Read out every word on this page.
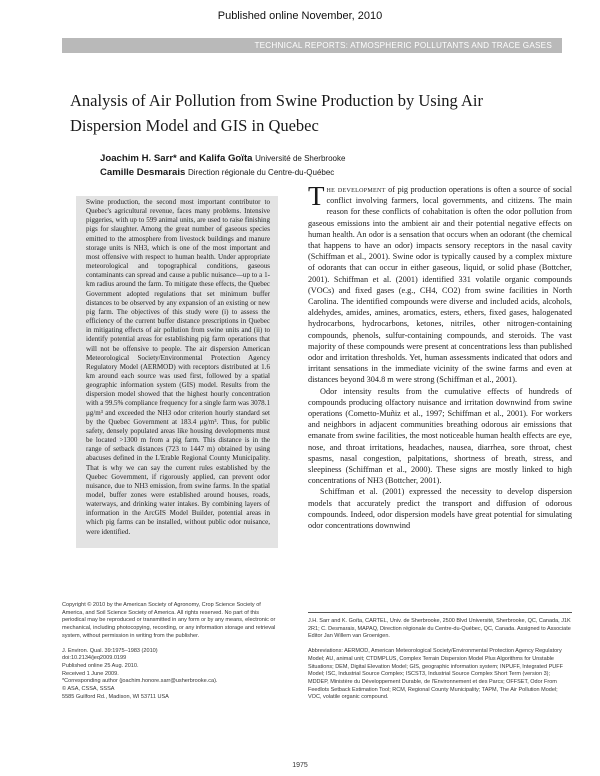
Published online November, 2010
TECHNICAL REPORTS: ATMOSPHERIC POLLUTANTS AND TRACE GASES
Analysis of Air Pollution from Swine Production by Using Air Dispersion Model and GIS in Quebec
Joachim H. Sarr* and Kalifa Goïta Université de Sherbrooke
Camille Desmarais Direction régionale du Centre-du-Québec

Swine production, the second most important contributor to Quebec's agricultural revenue, faces many problems. Intensive piggeries, with up to 599 animal units, are used to raise finishing pigs for slaughter. Among the great number of gaseous species emitted to the atmosphere from livestock buildings and manure storage units is NH3, which is one of the most important and most offensive with respect to human health. Under appropriate meteorological and topographical conditions, gaseous contaminants can spread and cause a public nuisance—up to a 1-km radius around the farm. To mitigate these effects, the Quebec Government adopted regulations that set minimum buffer distances to be observed by any expansion of an existing or new pig farm. The objectives of this study were (i) to assess the efficiency of the current buffer distance prescriptions in Quebec in mitigating effects of air pollution from swine units and (ii) to identify potential areas for establishing pig farm operations that will not be offensive to people. The air dispersion American Meteorological Society/Environmental Protection Agency Regulatory Model (AERMOD) with receptors distributed at 1.6 km around each source was used first, followed by a spatial geographic information system (GIS) model. Results from the dispersion model showed that the highest hourly concentration with a 99.5% compliance frequency for a single farm was 3078.1 μg/m³ and exceeded the NH3 odor criterion hourly standard set by the Quebec Government at 183.4 μg/m³. Thus, for public safety, densely populated areas like housing developments must be located >1300 m from a pig farm. This distance is in the range of setback distances (723 to 1447 m) obtained by using abacuses defined in the L'Erable Regional County Municipality. That is why we can say the current rules established by the Quebec Government, if rigorously applied, can prevent odor nuisance, due to NH3 emission, from swine farms. In the spatial model, buffer zones were established around houses, roads, waterways, and drinking water intakes. By combining layers of information in the ArcGIS Model Builder, potential areas in which pig farms can be installed, without public odor nuisance, were identified.

The development of pig production operations is often a source of social conflict involving farmers, local governments, and citizens. The main reason for these conflicts of cohabitation is often the odor pollution from gaseous emissions into the ambient air and their potential negative effects on human health. An odor is a sensation that occurs when an odorant (the chemical that happens to have an odor) impacts sensory receptors in the nasal cavity (Schiffman et al., 2001). Swine odor is typically caused by a complex mixture of odorants that can occur in either gaseous, liquid, or solid phase (Bottcher, 2001). Schiffman et al. (2001) identified 331 volatile organic compounds (VOCs) and fixed gases (e.g., CH4, CO2) from swine facilities in North Carolina. The identified compounds were diverse and included acids, alcohols, aldehydes, amides, amines, aromatics, esters, ethers, fixed gases, halogenated hydrocarbons, hydrocarbons, ketones, nitriles, other nitrogen-containing compounds, phenols, sulfur-containing compounds, and steroids. The vast majority of these compounds were present at concentrations less than published odor and irritation thresholds. Yet, human assessments indicated that odors and irritant sensations in the immediate vicinity of the swine farms and even at distances beyond 304.8 m were strong (Schiffman et al., 2001).

Odor intensity results from the cumulative effects of hundreds of compounds producing olfactory nuisance and irritation downwind from swine operations (Cometto-Muñiz et al., 1997; Schiffman et al., 2001). For workers and neighbors in adjacent communities breathing odorous air emissions that emanate from swine facilities, the most noticeable human health effects are eye, nose, and throat irritations, headaches, nausea, diarrhea, sore throat, chest spasms, nasal congestion, palpitations, shortness of breath, stress, and sleepiness (Schiffman et al., 2000). These signs are mostly linked to high concentrations of NH3 (Bottcher, 2001).

Schiffman et al. (2001) expressed the necessity to develop dispersion models that accurately predict the transport and diffusion of odorous compounds. Indeed, odor dispersion models have great potential for simulating odor concentrations downwind

Copyright © 2010 by the American Society of Agronomy, Crop Science Society of America, and Soil Science Society of America. All rights reserved. No part of this periodical may be reproduced or transmitted in any form or by any means, electronic or mechanical, including photocopying, recording, or any information storage and retrieval system, without permission in writing from the publisher.

J. Environ. Qual. 39:1975–1983 (2010)
doi:10.2134/jeq2009.0199
Published online 25 Aug. 2010.
Received 1 June 2009.
*Corresponding author (joachim.honore.sarr@usherbrooke.ca).
© ASA, CSSA, SSSA
5585 Guilford Rd., Madison, WI 53711 USA

J.H. Sarr and K. Goïta, CARTEL, Univ. de Sherbrooke, 2500 Blvd Université, Sherbrooke, QC, Canada, J1K 2R1; C. Desmarais, MAPAQ, Direction régionale du Centre-du-Québec, QC, Canada. Assigned to Associate Editor Jan Willem van Groenigen.

Abbreviations: AERMOD, American Meteorological Society/Environmental Protection Agency Regulatory Model; AU, animal unit; CTDMPLUS, Complex Terrain Dispersion Model Plus Algorithms for Unstable Situations; DEM, Digital Elevation Model; GIS, geographic information system; INPUFF, Integrated PUFF Model; ISC, Industrial Source Complex; ISCST3, Industrial Source Complex Short Term (version 3); MDDEP, Ministère du Développement Durable, de l'Environnement et des Parcs; OFFSET, Odor From Feedlots Setback Estimation Tool; RCM, Regional County Municipality; TAPM, The Air Pollution Model; VOC, volatile organic compound.

1975
